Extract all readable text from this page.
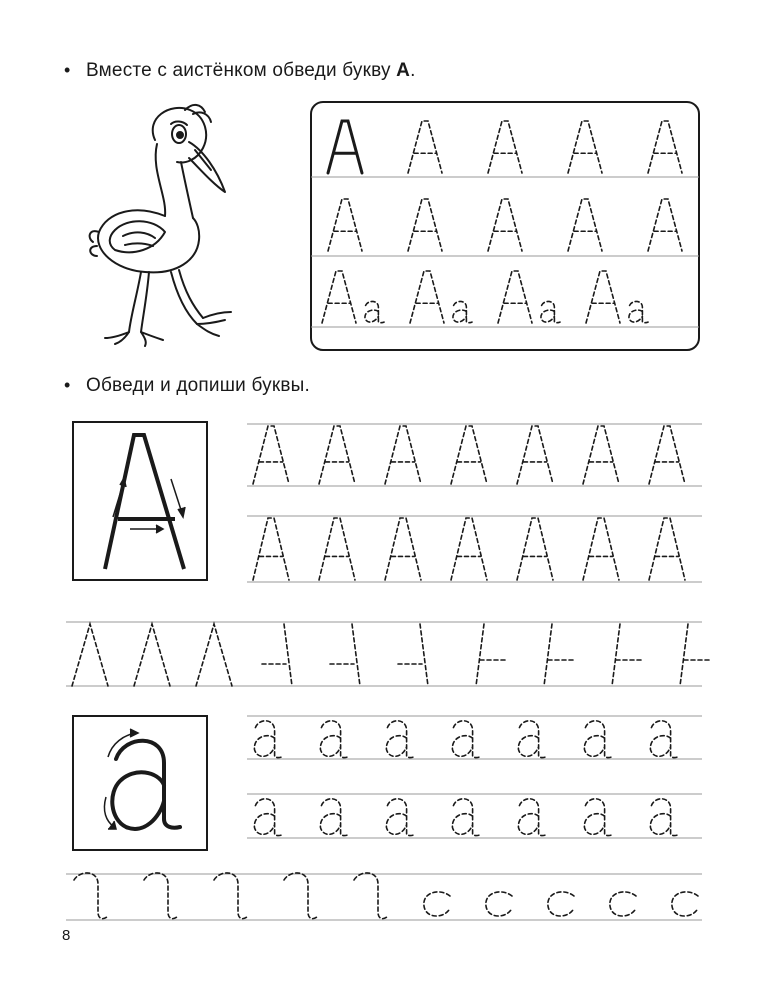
• Вместе с аистёнком обведи букву А.
• Обведи и допиши буквы.
8
